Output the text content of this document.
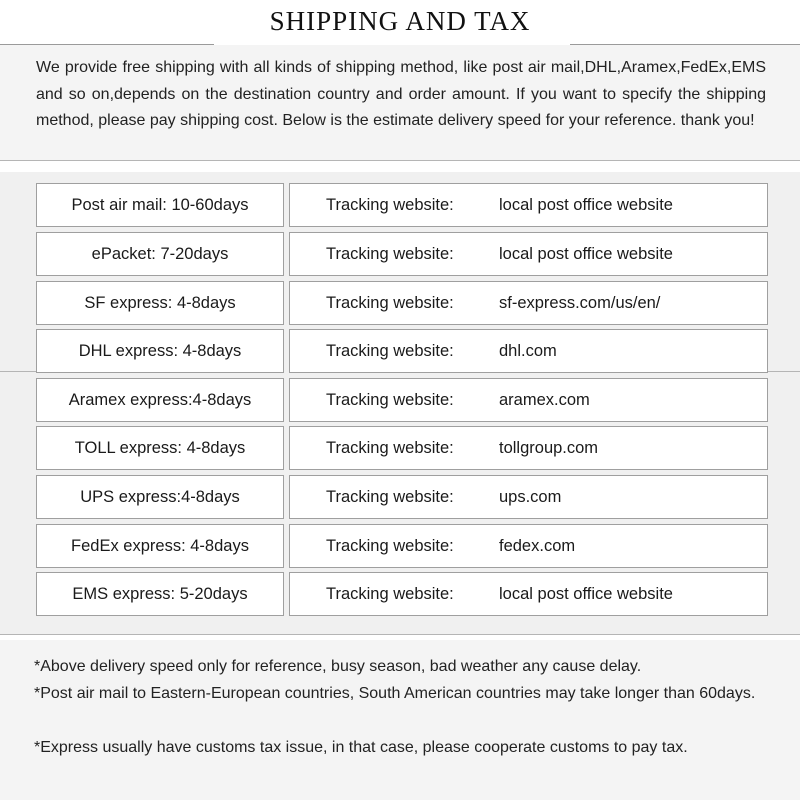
SHIPPING AND TAX
We provide free shipping with all kinds of shipping method, like post air mail,DHL,Aramex,FedEx,EMS and so on,depends on the destination country and order amount. If you want to specify the shipping method, please pay shipping cost. Below is the estimate delivery speed for your reference. thank you!
Post air mail: 10-60days	Tracking website:	local post office website
ePacket: 7-20days	Tracking website:	local post office website
SF express: 4-8days	Tracking website:	sf-express.com/us/en/
DHL express: 4-8days	Tracking website:	dhl.com
Aramex express:4-8days	Tracking website:	aramex.com
TOLL express: 4-8days	Tracking website:	tollgroup.com
UPS express:4-8days	Tracking website:	ups.com
FedEx express: 4-8days	Tracking website:	fedex.com
EMS express: 5-20days	Tracking website:	local post office website
*Above delivery speed only for reference, busy season, bad weather any cause delay.
*Post air mail to Eastern-European countries, South American countries may take longer than 60days.
*Express usually have customs tax issue, in that case, please cooperate customs to pay tax.
